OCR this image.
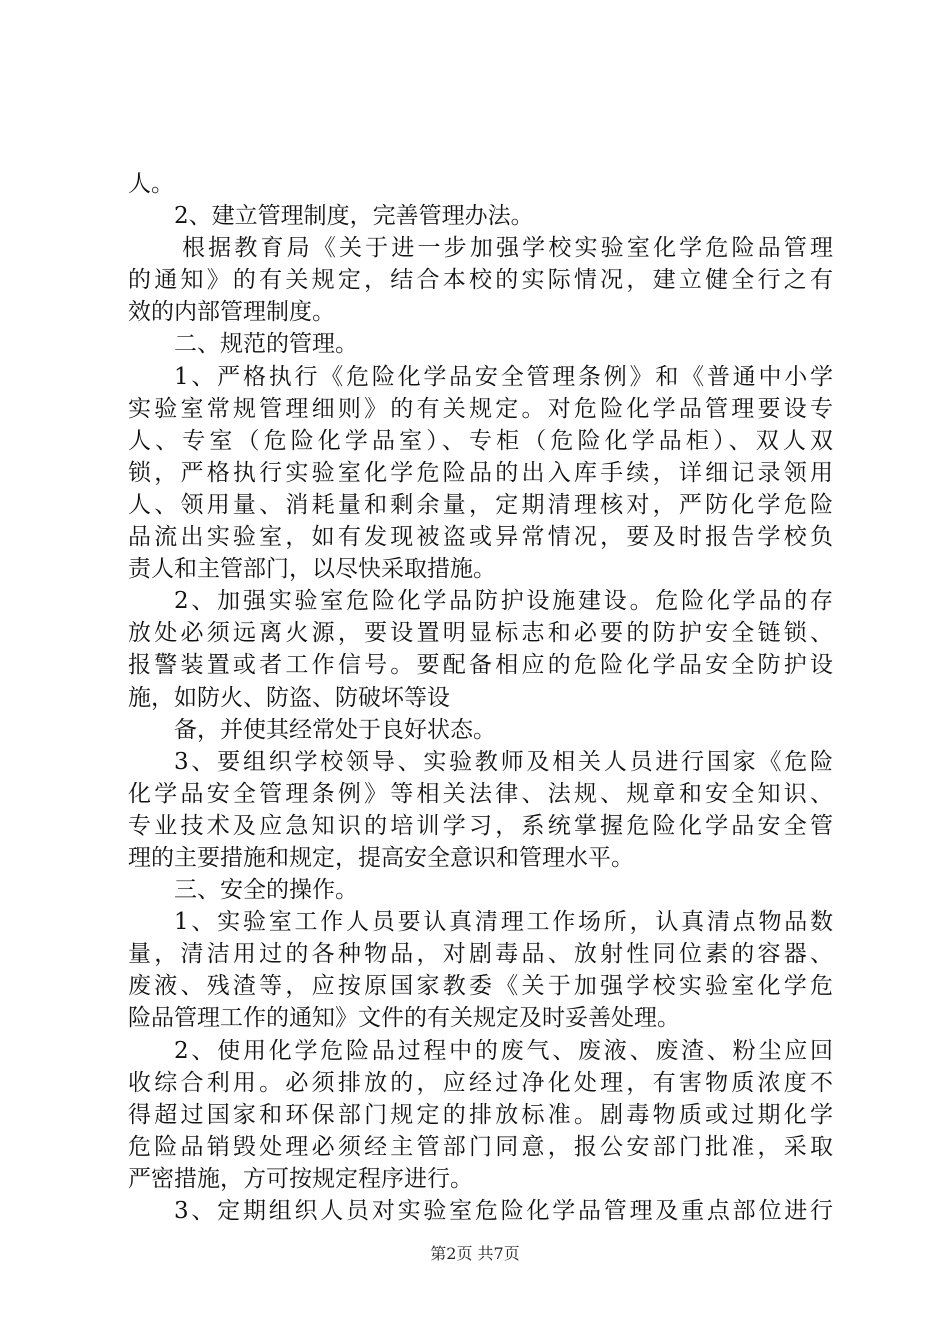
人。
2、建立管理制度，完善管理办法。
根据教育局《关于进一步加强学校实验室化学危险品管理
的通知》的有关规定，结合本校的实际情况，建立健全行之有
效的内部管理制度。
二、规范的管理。
1、严格执行《危险化学品安全管理条例》和《普通中小学
实验室常规管理细则》的有关规定。对危险化学品管理要设专
人、专室（危险化学品室）、专柜（危险化学品柜）、双人双
锁，严格执行实验室化学危险品的出入库手续，详细记录领用
人、领用量、消耗量和剩余量，定期清理核对，严防化学危险
品流出实验室，如有发现被盗或异常情况，要及时报告学校负
责人和主管部门，以尽快采取措施。
2、加强实验室危险化学品防护设施建设。危险化学品的存
放处必须远离火源，要设置明显标志和必要的防护安全链锁、
报警装置或者工作信号。要配备相应的危险化学品安全防护设
施，如防火、防盗、防破坏等设
备，并使其经常处于良好状态。
3、要组织学校领导、实验教师及相关人员进行国家《危险
化学品安全管理条例》等相关法律、法规、规章和安全知识、
专业技术及应急知识的培训学习，系统掌握危险化学品安全管
理的主要措施和规定，提高安全意识和管理水平。
三、安全的操作。
1、实验室工作人员要认真清理工作场所，认真清点物品数
量，清洁用过的各种物品，对剧毒品、放射性同位素的容器、
废液、残渣等，应按原国家教委《关于加强学校实验室化学危
险品管理工作的通知》文件的有关规定及时妥善处理。
2、使用化学危险品过程中的废气、废液、废渣、粉尘应回
收综合利用。必须排放的，应经过净化处理，有害物质浓度不
得超过国家和环保部门规定的排放标准。剧毒物质或过期化学
危险品销毁处理必须经主管部门同意，报公安部门批准，采取
严密措施，方可按规定程序进行。
3、定期组织人员对实验室危险化学品管理及重点部位进行
第2页 共7页
